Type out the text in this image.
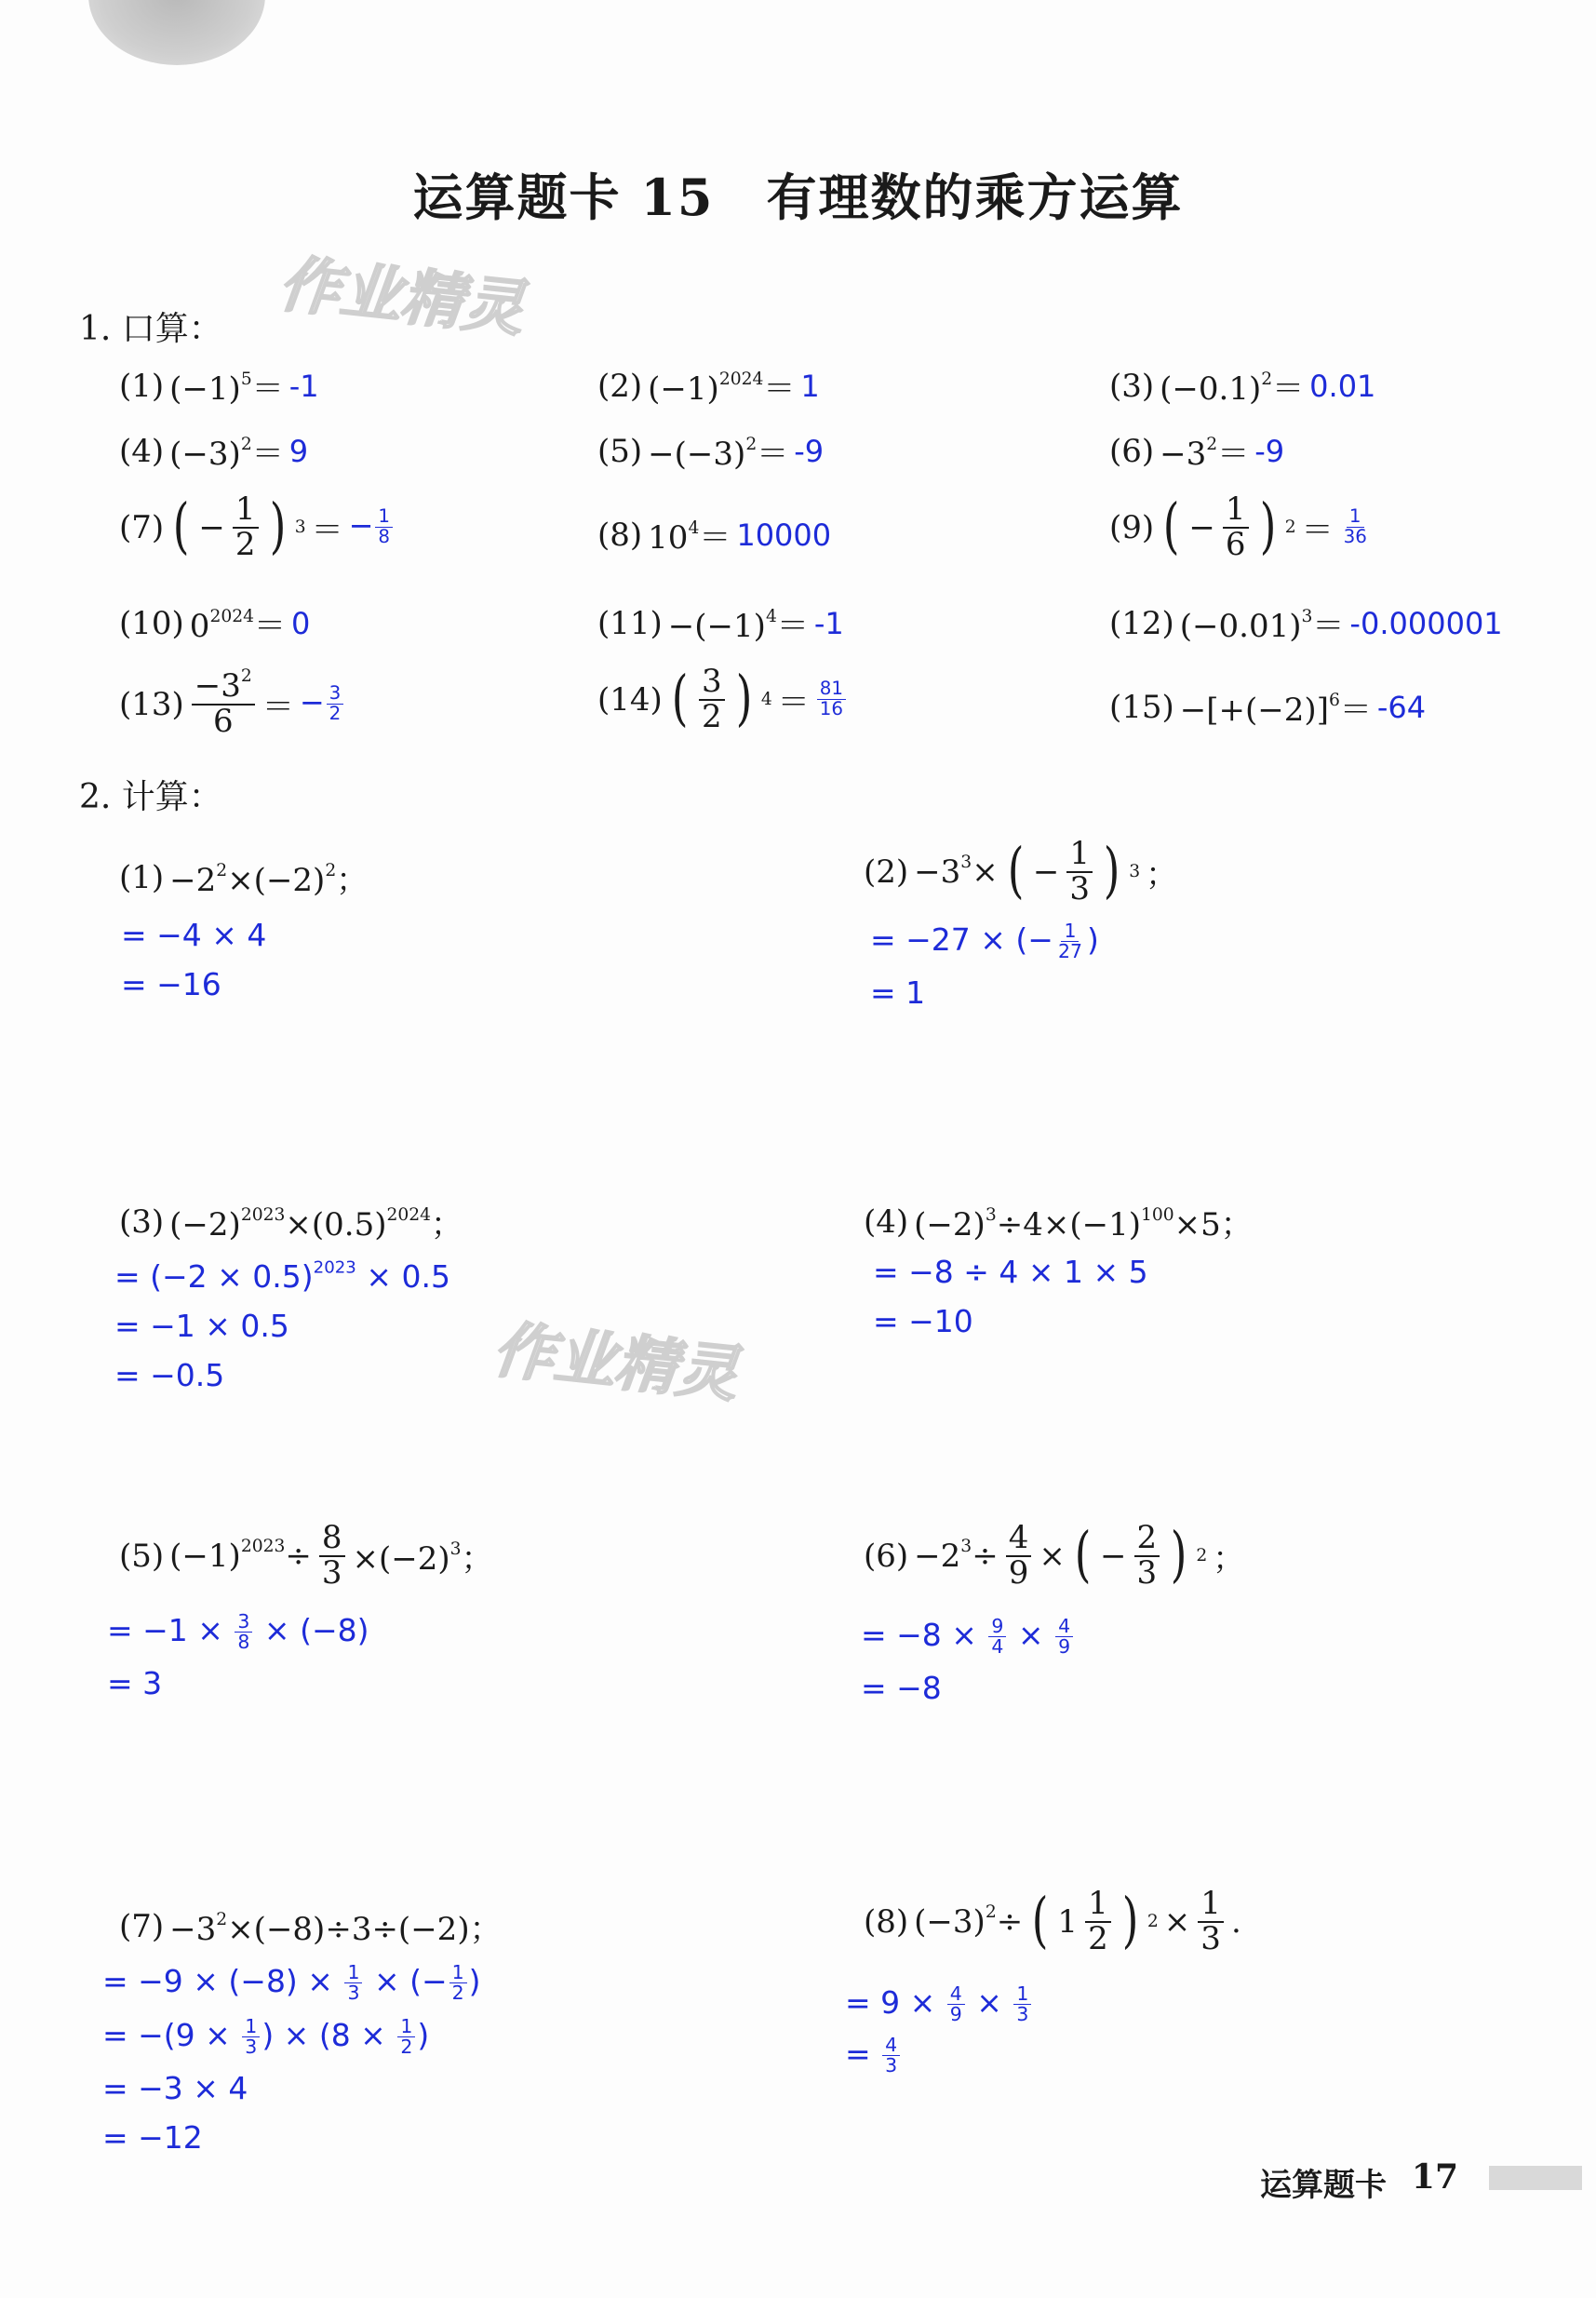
运算题卡 15　有理数的乘方运算
作业精灵
作业精灵
1. 口算：
(1) $(-1)^5= -1$	(2) $(-1)^{2024}= 1$	(3) $(-0.1)^2= 0.01$
(4) $(-3)^2= 9$	$(5) -(-3)^2= -9$	$(6) -3^2= -9$
(7) ( − $\frac{1}{2}$ ) 3 ＝ − $\frac{1}{8}$	(8) $10^4= 10000$	(9) ( − $\frac{1}{6}$ ) $2 = \frac{1}{36}$
(10) $0^{2024}= 0$	$(11) -(-1)^4= -1$	(12) $(-0.01)^3= -0.000001$
$(13) \frac{-3^2}{6}$ ＝ − $\frac{3}{2}$	(14) ( $\frac{3}{2}$ ) $4 = \frac{81}{16}$	$(15) -[+(-2)]^6= -64$
2. 计算：
$(1) -2^2\times(-2)^2$；
= −4 × 4
= −16
$(2) -3^3\times$ ( − $\frac{1}{3}$ ) 3 ；
= −27 × (− $\frac{1}{27}$ )
= 1
(3) $(-2)^{2023}\times(0.5)^{2024}$；
= $(-2 \times 0.5)^{2023} \times 0.5$
= −1 × 0.5
= −0.5
(4) $(-2)^3\div 4\times(-1)^{100}\times 5$；
= −8 ÷ 4 × 1 × 5
= −10
(5) $(-1)^{2023}\div \frac{8}{3} \times(-2)^3$；
= $-1 \times \frac{3}{8} \times (-8)$
= 3
$(6) -2^3\div \frac{4}{9}$ × ( − $\frac{2}{3}$ ) 2 ；
= $-8 \times \frac{9}{4} \times \frac{4}{9}$
= −8
$(7) -3^2\times(-8)\div 3\div(-2)$；
= $-9 \times (-8) \times \frac{1}{3}$ × (− $\frac{1}{2}$ )
= $-(9 \times \frac{1}{3}$ ) × ($8 \times \frac{1}{2}$ )
= −3 × 4
= −12
(8) $(-3)^2\div$ ( $1 \frac{1}{2}$ ) $2 \times \frac{1}{3}$ .
= $9 \times \frac{4}{9} \times \frac{1}{3}$
= $\frac{4}{3}$
运算题卡 17
